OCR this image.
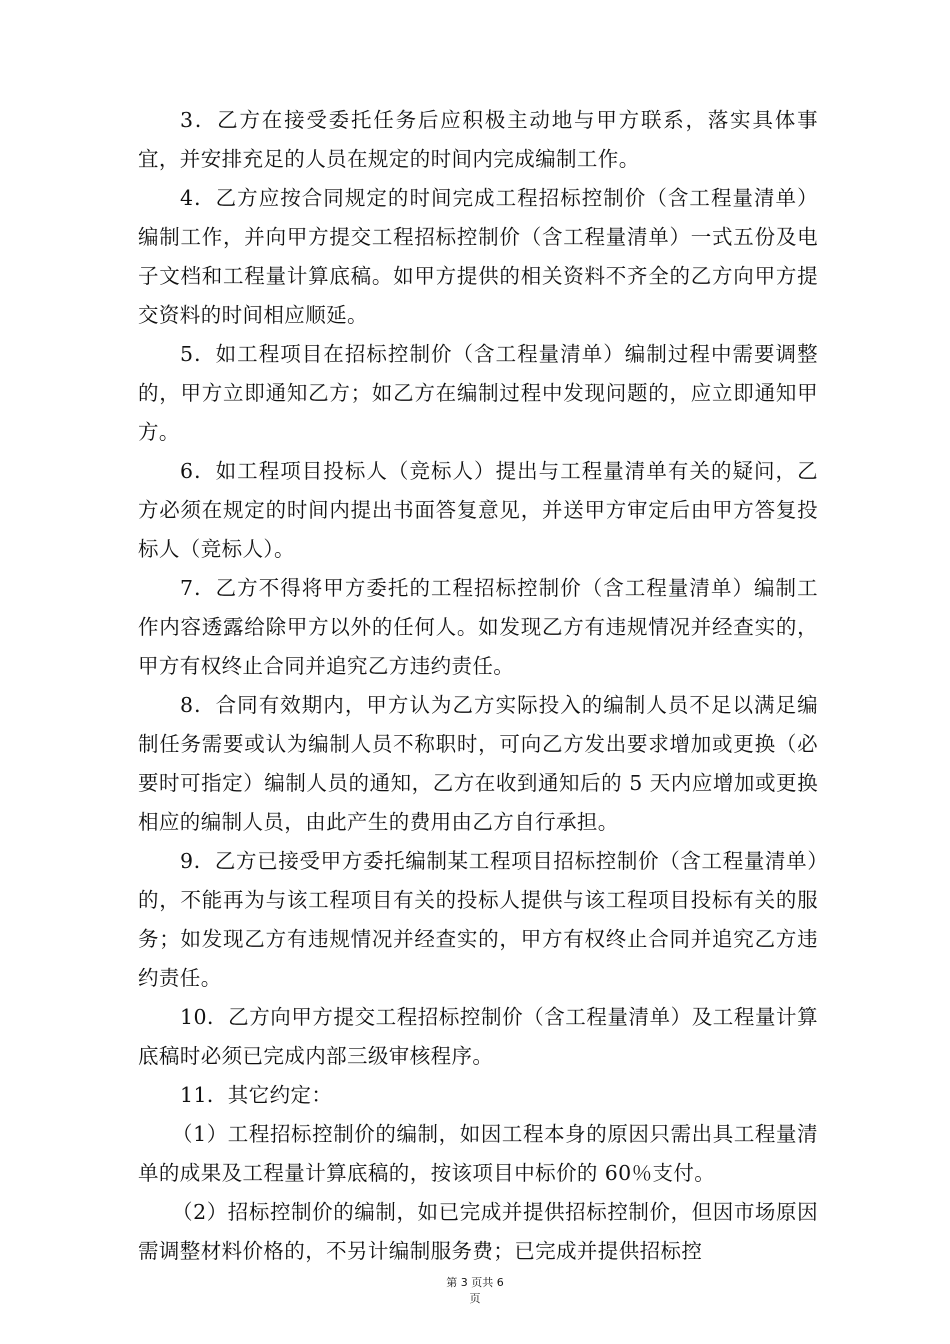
3．乙方在接受委托任务后应积极主动地与甲方联系，落实具体事宜，并安排充足的人员在规定的时间内完成编制工作。

4．乙方应按合同规定的时间完成工程招标控制价（含工程量清单）编制工作，并向甲方提交工程招标控制价（含工程量清单）一式五份及电子文档和工程量计算底稿。如甲方提供的相关资料不齐全的乙方向甲方提交资料的时间相应顺延。

5．如工程项目在招标控制价（含工程量清单）编制过程中需要调整的，甲方立即通知乙方；如乙方在编制过程中发现问题的，应立即通知甲方。

6．如工程项目投标人（竞标人）提出与工程量清单有关的疑问，乙方必须在规定的时间内提出书面答复意见，并送甲方审定后由甲方答复投标人（竞标人）。

7．乙方不得将甲方委托的工程招标控制价（含工程量清单）编制工作内容透露给除甲方以外的任何人。如发现乙方有违规情况并经查实的，甲方有权终止合同并追究乙方违约责任。

8．合同有效期内，甲方认为乙方实际投入的编制人员不足以满足编制任务需要或认为编制人员不称职时，可向乙方发出要求增加或更换（必要时可指定）编制人员的通知，乙方在收到通知后的 5 天内应增加或更换相应的编制人员，由此产生的费用由乙方自行承担。

9．乙方已接受甲方委托编制某工程项目招标控制价（含工程量清单）的，不能再为与该工程项目有关的投标人提供与该工程项目投标有关的服务；如发现乙方有违规情况并经查实的，甲方有权终止合同并追究乙方违约责任。

10．乙方向甲方提交工程招标控制价（含工程量清单）及工程量计算底稿时必须已完成内部三级审核程序。

11．其它约定：

（1）工程招标控制价的编制，如因工程本身的原因只需出具工程量清单的成果及工程量计算底稿的，按该项目中标价的 60％支付。

（2）招标控制价的编制，如已完成并提供招标控制价，但因市场原因需调整材料价格的，不另计编制服务费；已完成并提供招标控

第 3 页共 6
页
